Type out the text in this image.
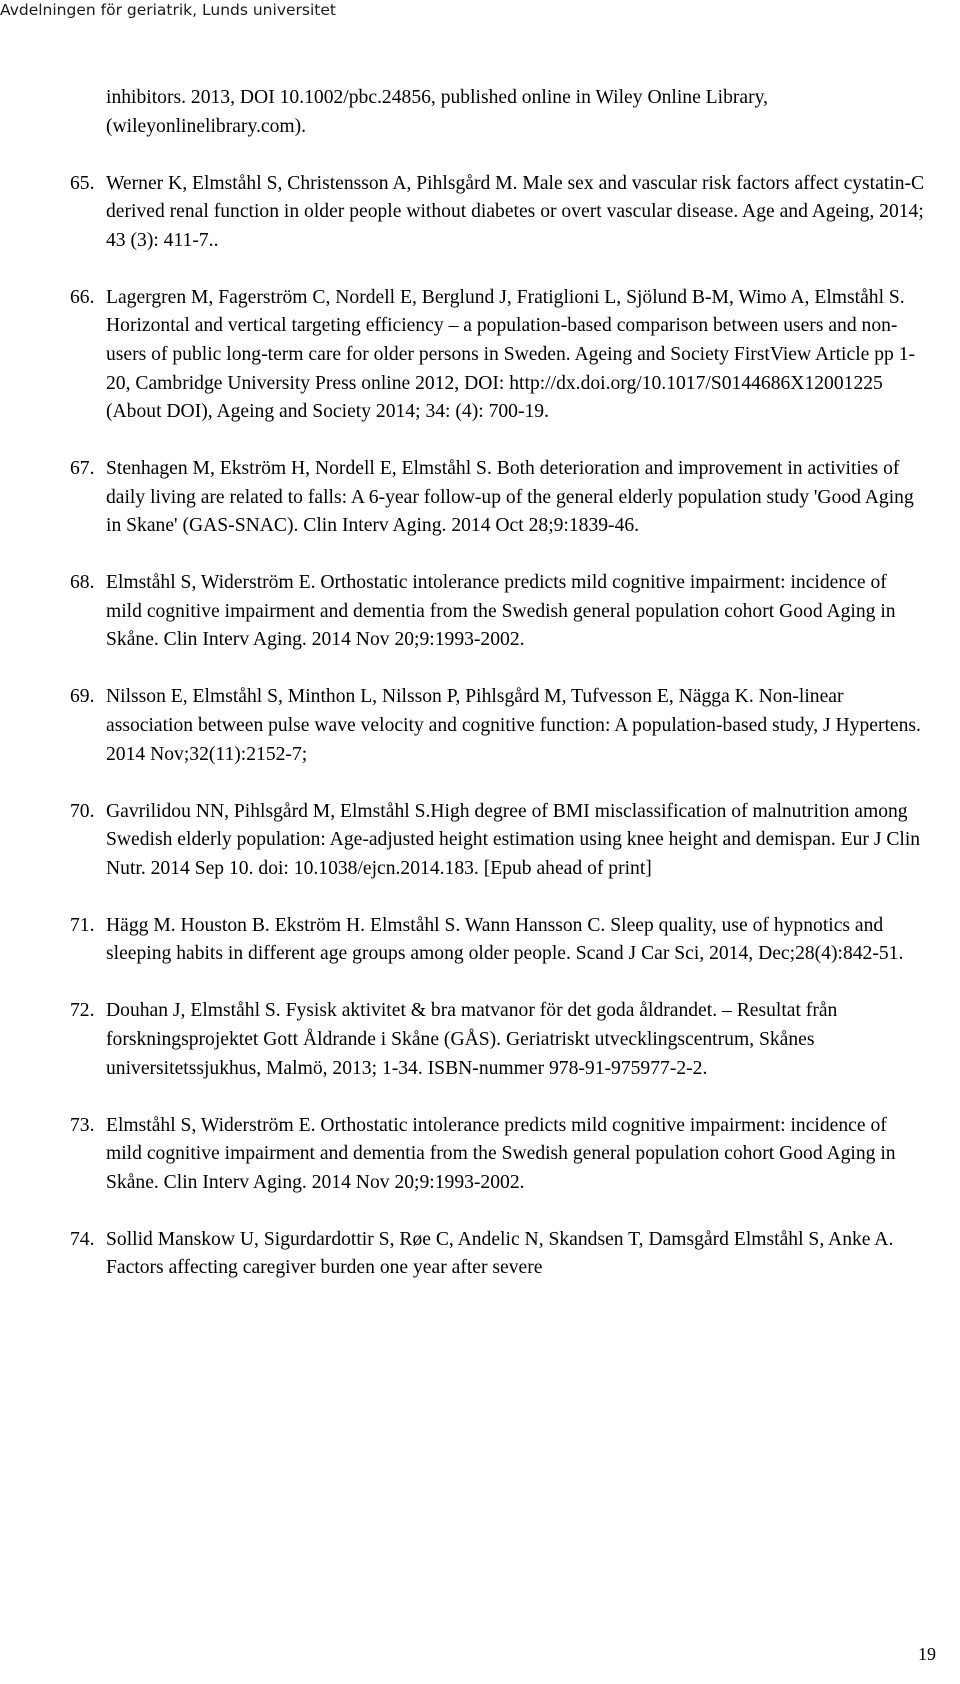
Avdelningen för geriatrik, Lunds universitet
inhibitors. 2013, DOI 10.1002/pbc.24856, published online in Wiley Online Library, (wileyonlinelibrary.com).
65. Werner K, Elmståhl S, Christensson A, Pihlsgård M. Male sex and vascular risk factors affect cystatin-C derived renal function in older people without diabetes or overt vascular disease. Age and Ageing, 2014; 43 (3): 411-7..
66. Lagergren M, Fagerström C, Nordell E, Berglund J, Fratiglioni L, Sjölund B-M, Wimo A, Elmståhl S. Horizontal and vertical targeting efficiency – a population-based comparison between users and non-users of public long-term care for older persons in Sweden. Ageing and Society FirstView Article pp 1-20, Cambridge University Press online 2012, DOI: http://dx.doi.org/10.1017/S0144686X12001225 (About DOI), Ageing and Society 2014; 34: (4): 700-19.
67. Stenhagen M, Ekström H, Nordell E, Elmståhl S. Both deterioration and improvement in activities of daily living are related to falls: A 6-year follow-up of the general elderly population study 'Good Aging in Skane' (GAS-SNAC). Clin Interv Aging. 2014 Oct 28;9:1839-46.
68. Elmståhl S, Widerström E. Orthostatic intolerance predicts mild cognitive impairment: incidence of mild cognitive impairment and dementia from the Swedish general population cohort Good Aging in Skåne. Clin Interv Aging. 2014 Nov 20;9:1993-2002.
69. Nilsson E, Elmståhl S, Minthon L, Nilsson P, Pihlsgård M, Tufvesson E, Nägga K. Non-linear association between pulse wave velocity and cognitive function: A population-based study, J Hypertens. 2014 Nov;32(11):2152-7;
70. Gavrilidou NN, Pihlsgård M, Elmståhl S.High degree of BMI misclassification of malnutrition among Swedish elderly population: Age-adjusted height estimation using knee height and demispan. Eur J Clin Nutr. 2014 Sep 10. doi: 10.1038/ejcn.2014.183. [Epub ahead of print]
71. Hägg M. Houston B. Ekström H. Elmståhl S. Wann Hansson C. Sleep quality, use of hypnotics and sleeping habits in different age groups among older people. Scand J Car Sci, 2014, Dec;28(4):842-51.
72. Douhan J, Elmståhl S. Fysisk aktivitet & bra matvanor för det goda åldrandet. – Resultat från forskningsprojektet Gott Åldrande i Skåne (GÅS). Geriatriskt utvecklingscentrum, Skånes universitetssjukhus, Malmö, 2013; 1-34. ISBN-nummer 978-91-975977-2-2.
73. Elmståhl S, Widerström E. Orthostatic intolerance predicts mild cognitive impairment: incidence of mild cognitive impairment and dementia from the Swedish general population cohort Good Aging in Skåne. Clin Interv Aging. 2014 Nov 20;9:1993-2002.
74. Sollid Manskow U, Sigurdardottir S, Røe C, Andelic N, Skandsen T, Damsgård Elmståhl S, Anke A. Factors affecting caregiver burden one year after severe
19
